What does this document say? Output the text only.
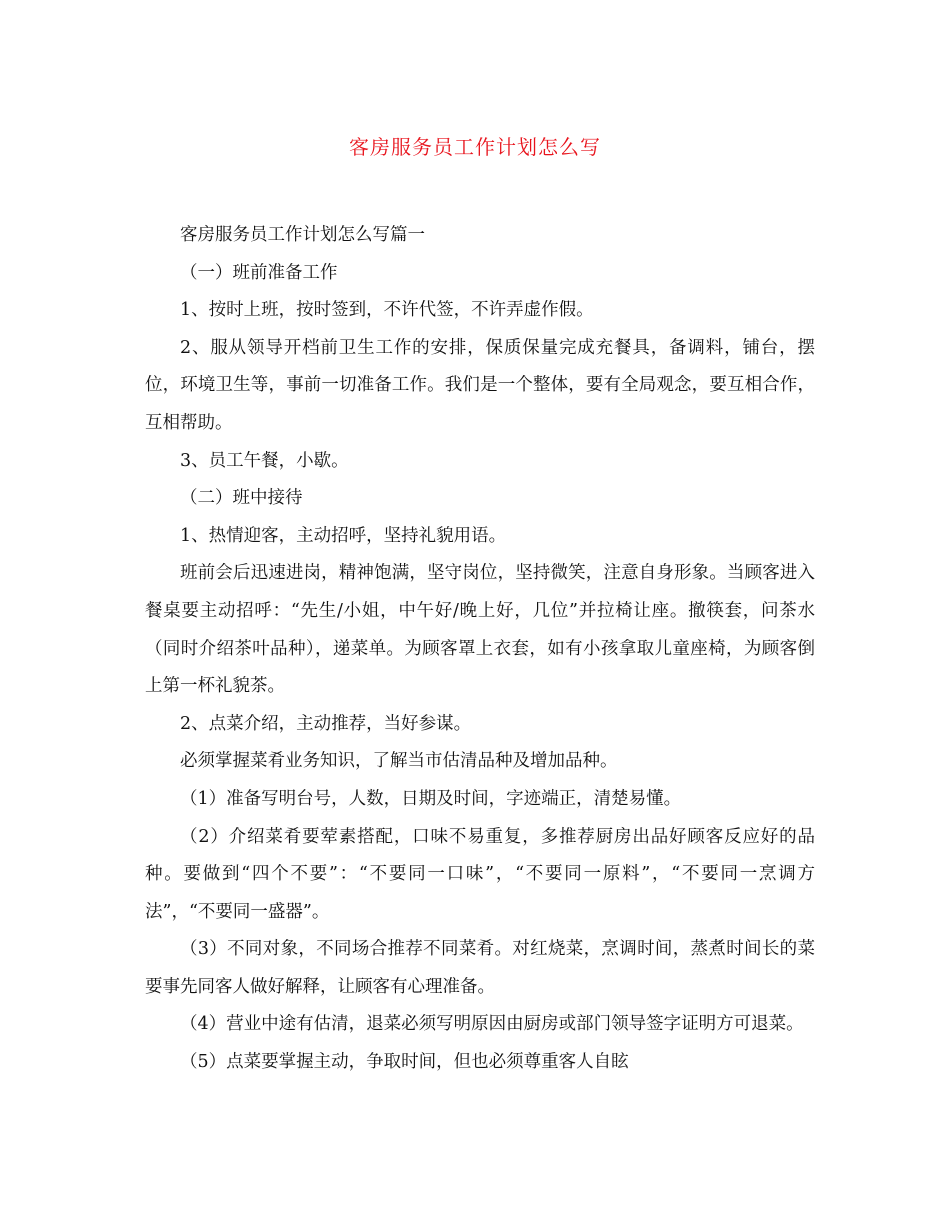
客房服务员工作计划怎么写

客房服务员工作计划怎么写篇一

（一）班前准备工作

1、按时上班，按时签到，不许代签，不许弄虚作假。

2、服从领导开档前卫生工作的安排，保质保量完成充餐具，备调料，铺台，摆位，环境卫生等，事前一切准备工作。我们是一个整体，要有全局观念，要互相合作，互相帮助。

3、员工午餐，小歇。

（二）班中接待

1、热情迎客，主动招呼，坚持礼貌用语。

班前会后迅速进岗，精神饱满，坚守岗位，坚持微笑，注意自身形象。当顾客进入餐桌要主动招呼：“先生/小姐，中午好/晚上好，几位”并拉椅让座。撤筷套，问茶水（同时介绍茶叶品种），递菜单。为顾客罩上衣套，如有小孩拿取儿童座椅，为顾客倒上第一杯礼貌茶。

2、点菜介绍，主动推荐，当好参谋。

必须掌握菜肴业务知识，了解当市估清品种及增加品种。

（1）准备写明台号，人数，日期及时间，字迹端正，清楚易懂。

（2）介绍菜肴要荤素搭配，口味不易重复，多推荐厨房出品好顾客反应好的品种。要做到“四个不要”：“不要同一口味”，“不要同一原料”，“不要同一烹调方法”，“不要同一盛器”。

（3）不同对象，不同场合推荐不同菜肴。对红烧菜，烹调时间，蒸煮时间长的菜要事先同客人做好解释，让顾客有心理准备。

（4）营业中途有估清，退菜必须写明原因由厨房或部门领导签字证明方可退菜。

（5）点菜要掌握主动，争取时间，但也必须尊重客人自眩
